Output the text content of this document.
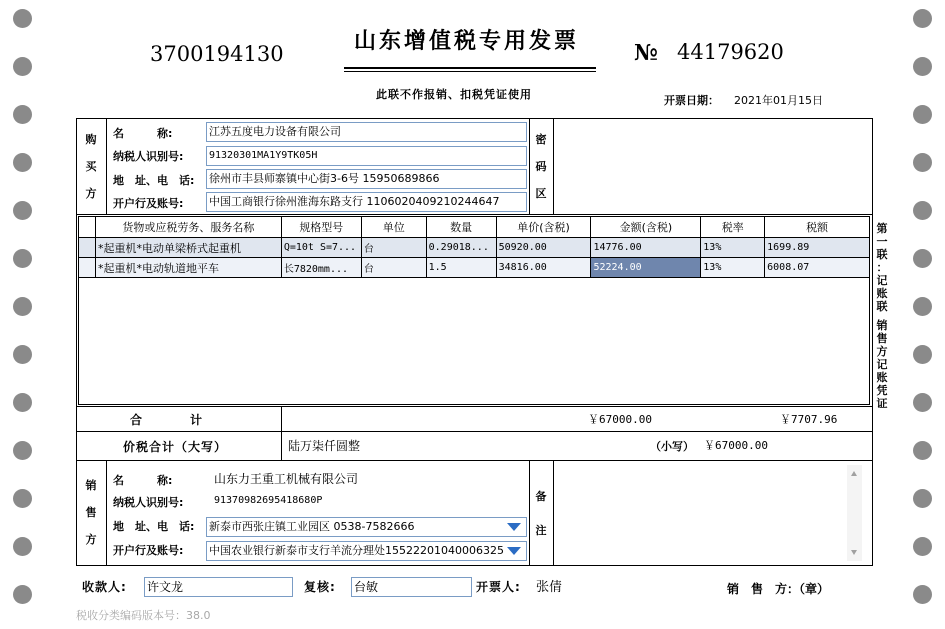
3700194130	山东增值税专用发票 № 44179620
此联不作报销、扣税凭证使用	开票日期： 2021年01月15日
购
买
方
名　　　称:	江苏五度电力设备有限公司
纳税人识别号:	91320301MA1Y9TK05H
地　址、电　话: 徐州市丰县师寨镇中心街3-6号 15950689866
开户行及账号: 中国工商银行徐州淮海东路支行 1106020409210244647
密
码
区
第
一
联
：
记
账
联
销
售
方
记
账
凭
证
	货物或应税劳务、服务名称	规格型号	单位	数量	单价(含税)	金额(含税)	税率	税额
	*起重机*电动单梁桥式起重机	Q=10t S=7...	台	0.29018...	50920.00	14776.00	13%	1699.89
	*起重机*电动轨道地平车	长7820mm...	台	1.5	34816.00	52224.00	13%	6008.07
合　　　　计	￥67000.00	￥7707.96
价税合计（大写）	陆万柒仟圆整	（小写） ￥67000.00
销
售
方
名　　　称:	山东力王重工机械有限公司
纳税人识别号:	91370982695418680P
地　址、电　话: 新泰市西张庄镇工业园区 0538-7582666
开户行及账号: 中国农业银行新泰市支行羊流分理处15522201040006325
备
注
收款人: 许文龙	复核: 台敏	开票人: 张倩	销　售　方：（章）
税收分类编码版本号：38.0
